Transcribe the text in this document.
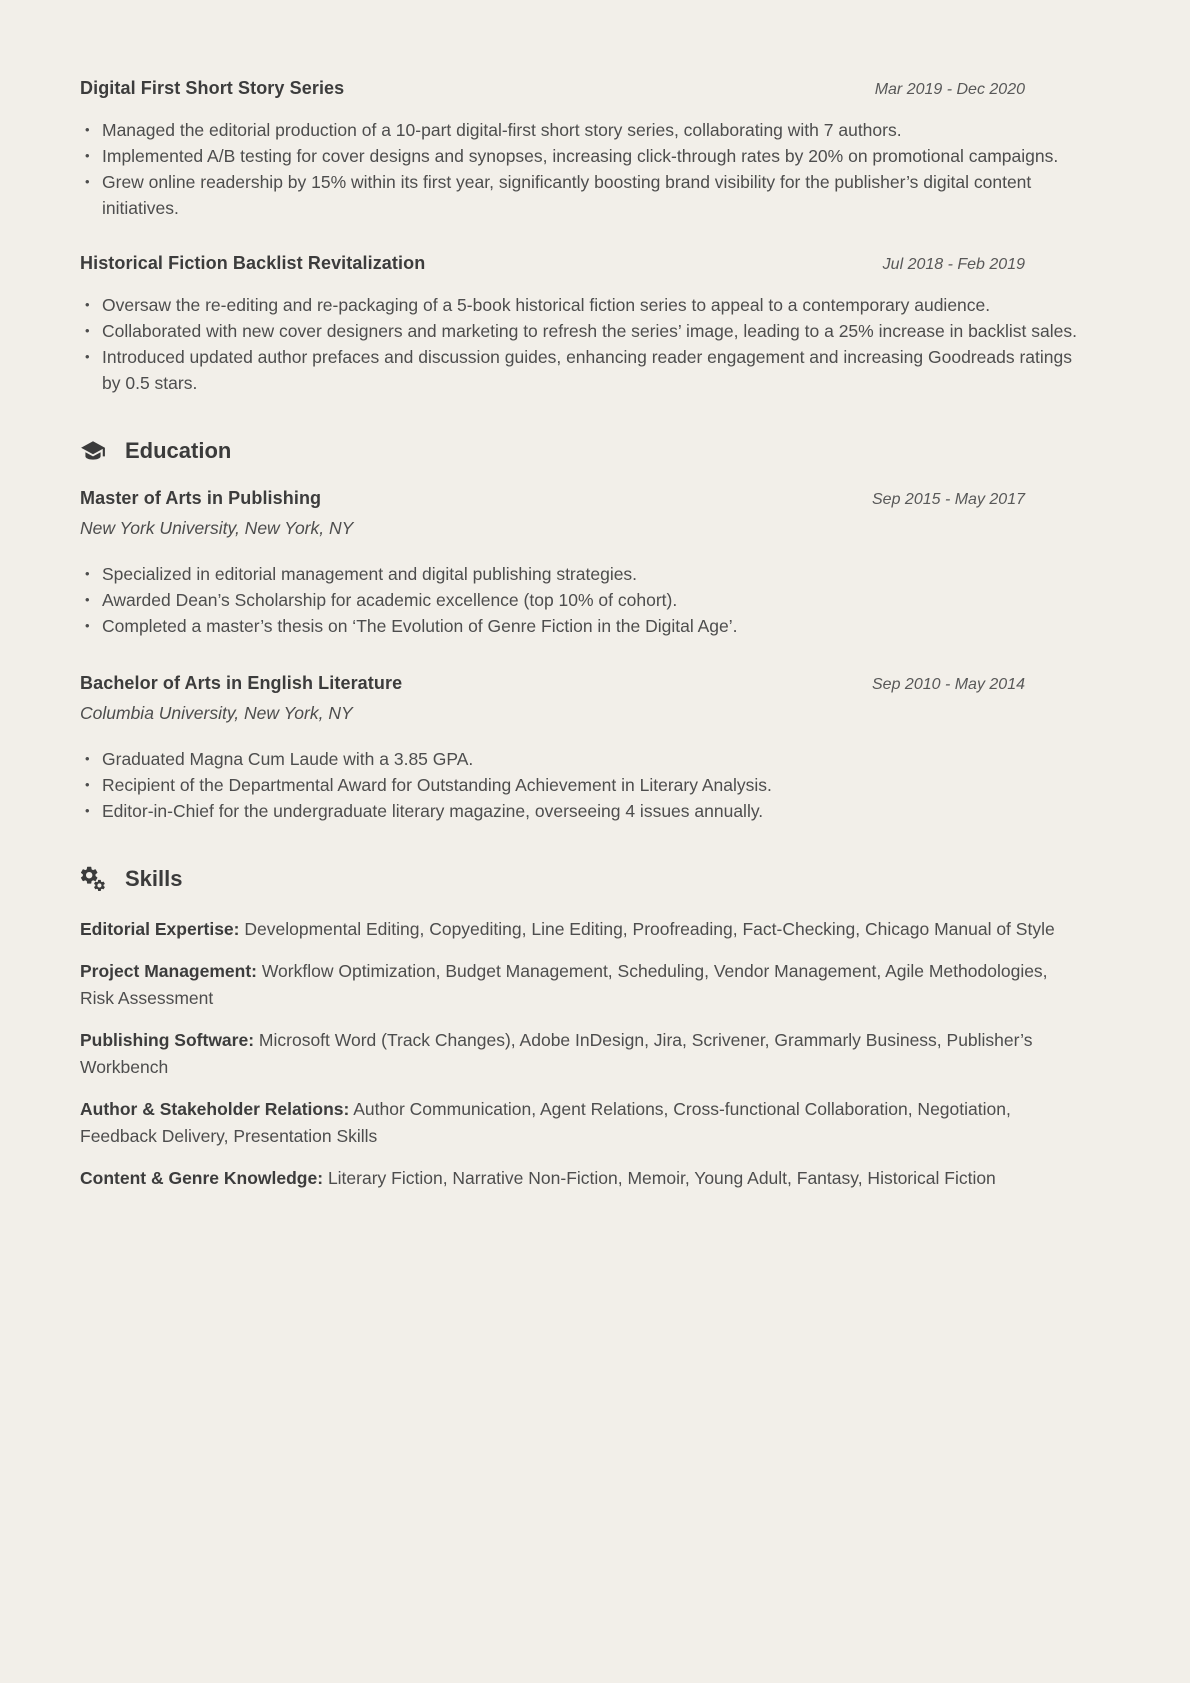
Digital First Short Story Series	Mar 2019 - Dec 2020
• Managed the editorial production of a 10-part digital-first short story series, collaborating with 7 authors.
• Implemented A/B testing for cover designs and synopses, increasing click-through rates by 20% on promotional campaigns.
• Grew online readership by 15% within its first year, significantly boosting brand visibility for the publisher’s digital content initiatives.
Historical Fiction Backlist Revitalization	Jul 2018 - Feb 2019
• Oversaw the re-editing and re-packaging of a 5-book historical fiction series to appeal to a contemporary audience.
• Collaborated with new cover designers and marketing to refresh the series’ image, leading to a 25% increase in backlist sales.
• Introduced updated author prefaces and discussion guides, enhancing reader engagement and increasing Goodreads ratings by 0.5 stars.
Education
Master of Arts in Publishing	Sep 2015 - May 2017

New York University, New York, NY

• Specialized in editorial management and digital publishing strategies.
• Awarded Dean’s Scholarship for academic excellence (top 10% of cohort).
• Completed a master’s thesis on ‘The Evolution of Genre Fiction in the Digital Age’.
Bachelor of Arts in English Literature	Sep 2010 - May 2014

Columbia University, New York, NY

• Graduated Magna Cum Laude with a 3.85 GPA.
• Recipient of the Departmental Award for Outstanding Achievement in Literary Analysis.
• Editor-in-Chief for the undergraduate literary magazine, overseeing 4 issues annually.
Skills

Editorial Expertise: Developmental Editing, Copyediting, Line Editing, Proofreading, Fact-Checking, Chicago Manual of Style

Project Management: Workflow Optimization, Budget Management, Scheduling, Vendor Management, Agile Methodologies, Risk Assessment

Publishing Software: Microsoft Word (Track Changes), Adobe InDesign, Jira, Scrivener, Grammarly Business, Publisher’s Workbench

Author & Stakeholder Relations: Author Communication, Agent Relations, Cross-functional Collaboration, Negotiation, Feedback Delivery, Presentation Skills

Content & Genre Knowledge: Literary Fiction, Narrative Non-Fiction, Memoir, Young Adult, Fantasy, Historical Fiction
